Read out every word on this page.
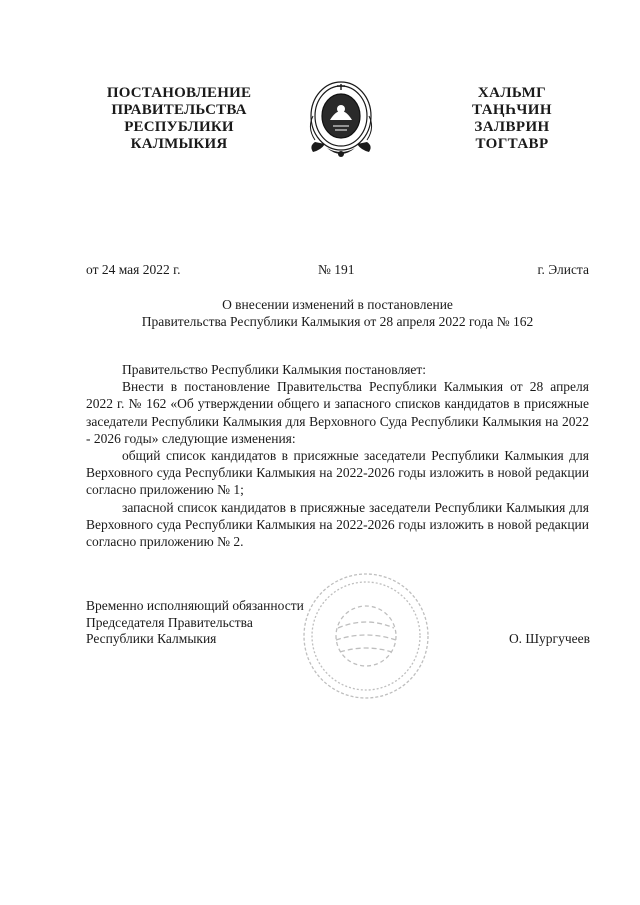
ПОСТАНОВЛЕНИЕ
ПРАВИТЕЛЬСТВА
РЕСПУБЛИКИ
КАЛМЫКИЯ
ХАЛЬМГ
ТАҢҺЧИН
ЗАЛВРИН
ТОГТАВР
от 24 мая 2022 г.	№ 191	г. Элиста
О внесении изменений в постановление
Правительства Республики Калмыкия от 28 апреля 2022 года № 162

Правительство Республики Калмыкия постановляет:

Внести в постановление Правительства Республики Калмыкия от 28 апреля 2022 г. № 162 «Об утверждении общего и запасного списков кандидатов в присяжные заседатели Республики Калмыкия для Верховного Суда Республики Калмыкия на 2022 - 2026 годы» следующие изменения:

общий список кандидатов в присяжные заседатели Республики Калмыкия для Верховного суда Республики Калмыкия на 2022-2026 годы изложить в новой редакции согласно приложению № 1;

запасной список кандидатов в присяжные заседатели Республики Калмыкия для Верховного суда Республики Калмыкия на 2022-2026 годы изложить в новой редакции согласно приложению № 2.

Временно исполняющий обязанности
Председателя Правительства
Республики Калмыкия	О. Шургучеев
